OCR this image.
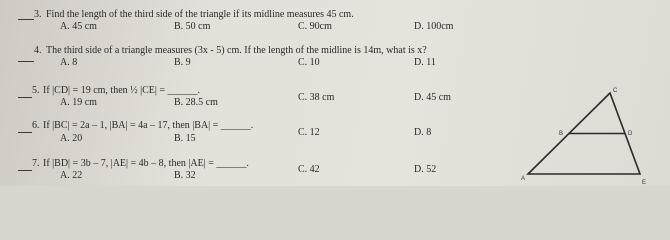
3. Find the length of the third side of the triangle if its midline measures 45 cm.
A. 45 cm	B. 50 cm	C. 90cm	D. 100cm
4. The third side of a triangle measures (3x - 5) cm. If the length of the midline is 14m, what is x?
A. 8	B. 9	C. 10	D. 11
5. If |CD| = 19 cm, then ½ |CE| = ______.
A. 19 cm	B. 28.5 cm	C. 38 cm	D. 45 cm
6. If |BC| = 2a – 1, |BA| = 4a – 17, then |BA| = ______.
A. 20	B. 15
C. 12	D. 8
7. If |BD| = 3b – 7, |AE| = 4b – 8, then |AE| = ______.
A. 22	B. 32
C. 42	D. 52
C
B	D
A
E
